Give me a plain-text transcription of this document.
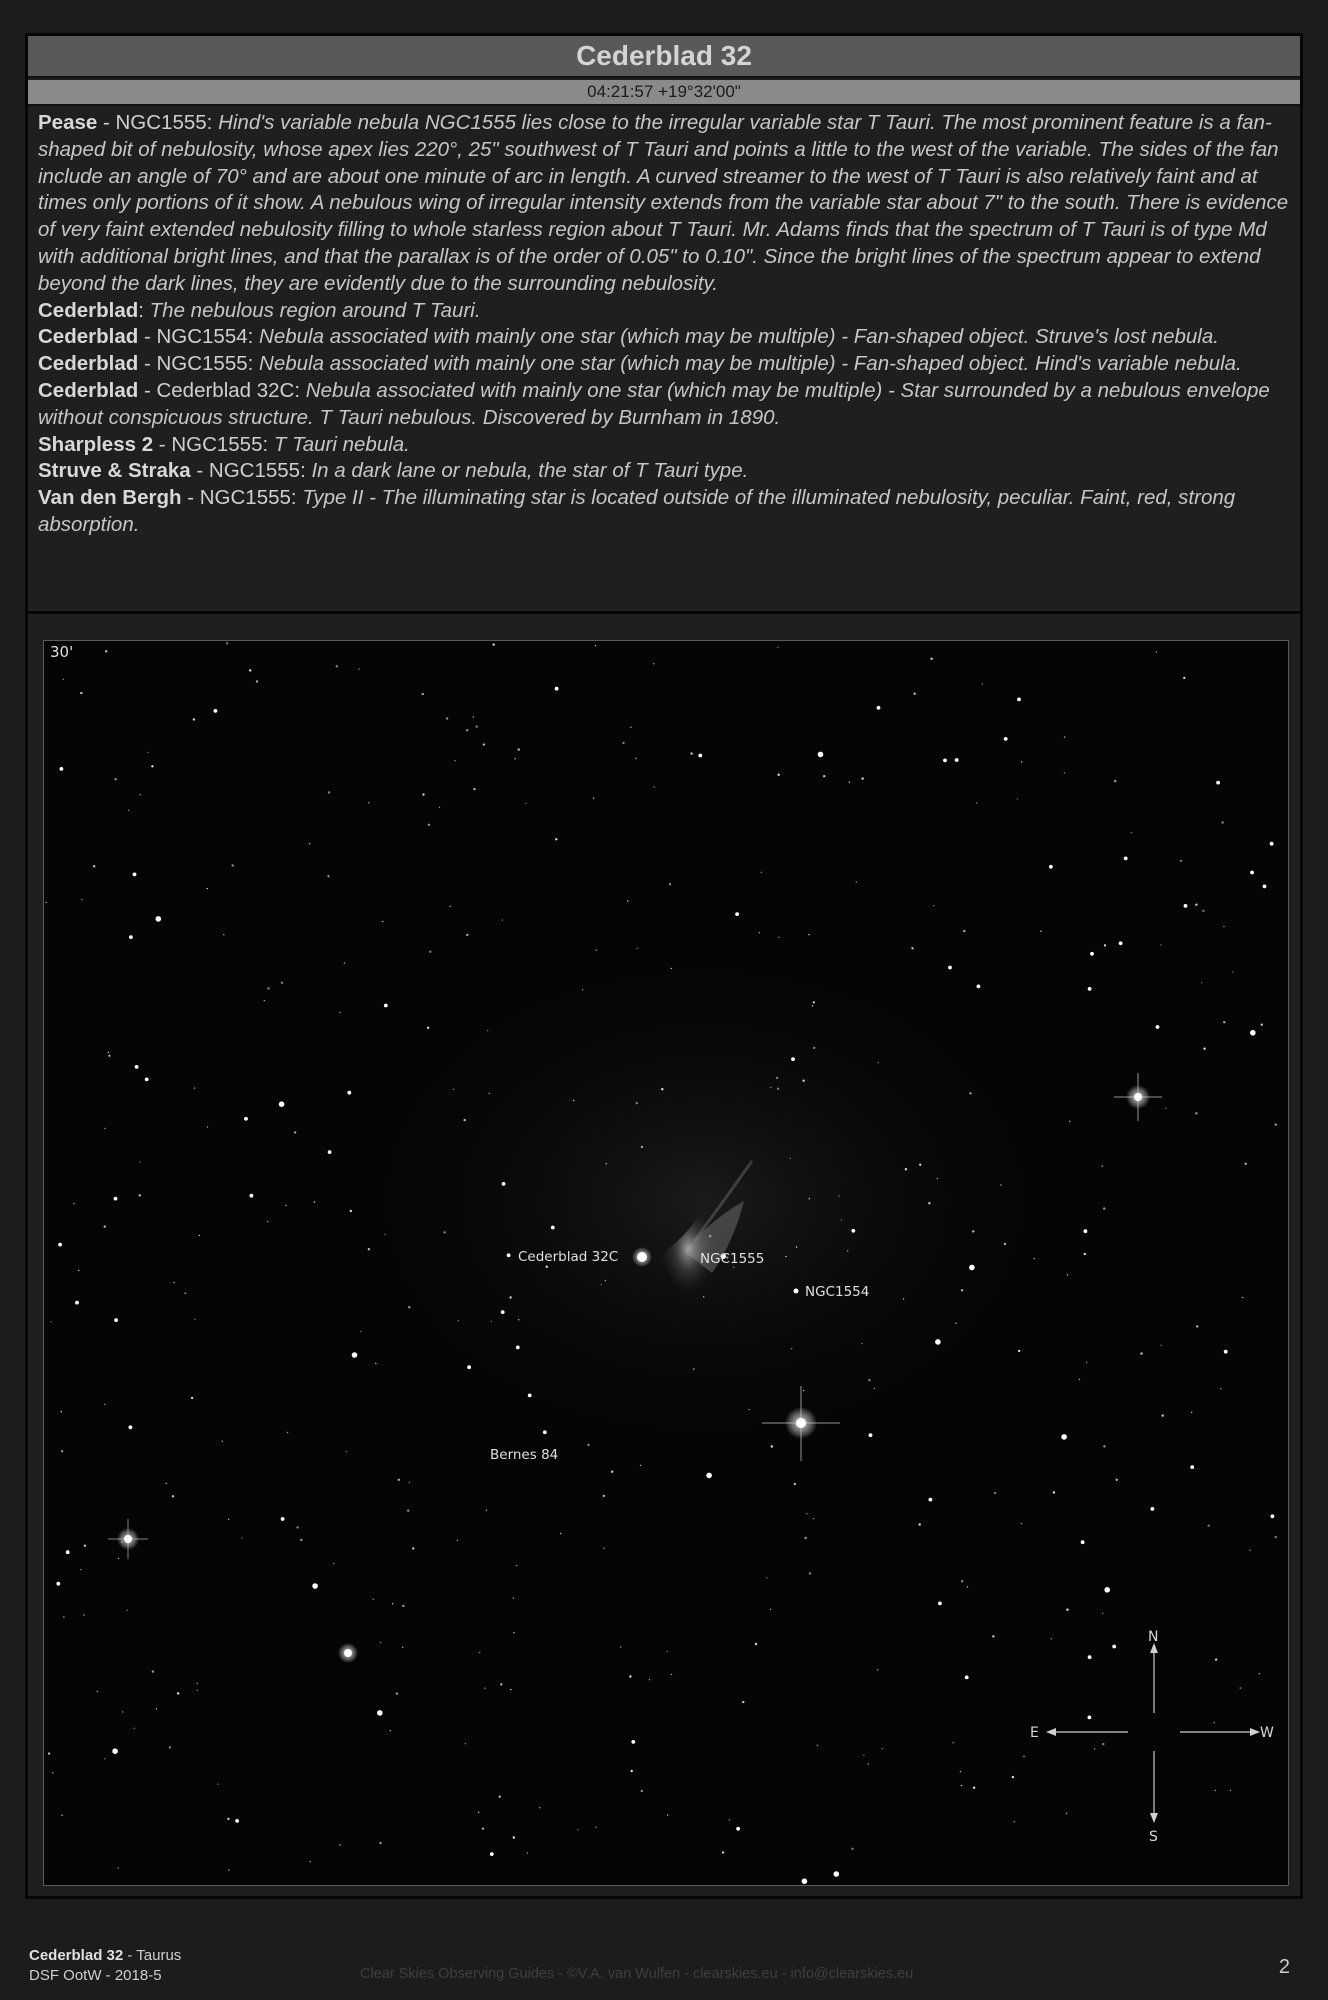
Cederblad 32
04:21:57 +19°32'00"
Pease - NGC1555: Hind's variable nebula NGC1555 lies close to the irregular variable star T Tauri. The most prominent feature is a fan-shaped bit of nebulosity, whose apex lies 220°, 25" southwest of T Tauri and points a little to the west of the variable. The sides of the fan include an angle of 70° and are about one minute of arc in length. A curved streamer to the west of T Tauri is also relatively faint and at times only portions of it show. A nebulous wing of irregular intensity extends from the variable star about 7" to the south. There is evidence of very faint extended nebulosity filling to whole starless region about T Tauri. Mr. Adams finds that the spectrum of T Tauri is of type Md with additional bright lines, and that the parallax is of the order of 0.05" to 0.10". Since the bright lines of the spectrum appear to extend beyond the dark lines, they are evidently due to the surrounding nebulosity.
Cederblad: The nebulous region around T Tauri.
Cederblad - NGC1554: Nebula associated with mainly one star (which may be multiple) - Fan-shaped object. Struve's lost nebula.
Cederblad - NGC1555: Nebula associated with mainly one star (which may be multiple) - Fan-shaped object. Hind's variable nebula.
Cederblad - Cederblad 32C: Nebula associated with mainly one star (which may be multiple) - Star surrounded by a nebulous envelope without conspicuous structure. T Tauri nebulous. Discovered by Burnham in 1890.
Sharpless 2 - NGC1555: T Tauri nebula.
Struve & Straka - NGC1555: In a dark lane or nebula, the star of T Tauri type.
Van den Bergh - NGC1555: Type II - The illuminating star is located outside of the illuminated nebulosity, peculiar. Faint, red, strong absorption.
30'
Cederblad 32C	NGC1555
NGC1554
Bernes 84
N
S
E	W
Cederblad 32 - Taurus
DSF OotW - 2018-5	Clear Skies Observing Guides - ©V.A. van Wulfen - clearskies.eu - info@clearskies.eu	2
